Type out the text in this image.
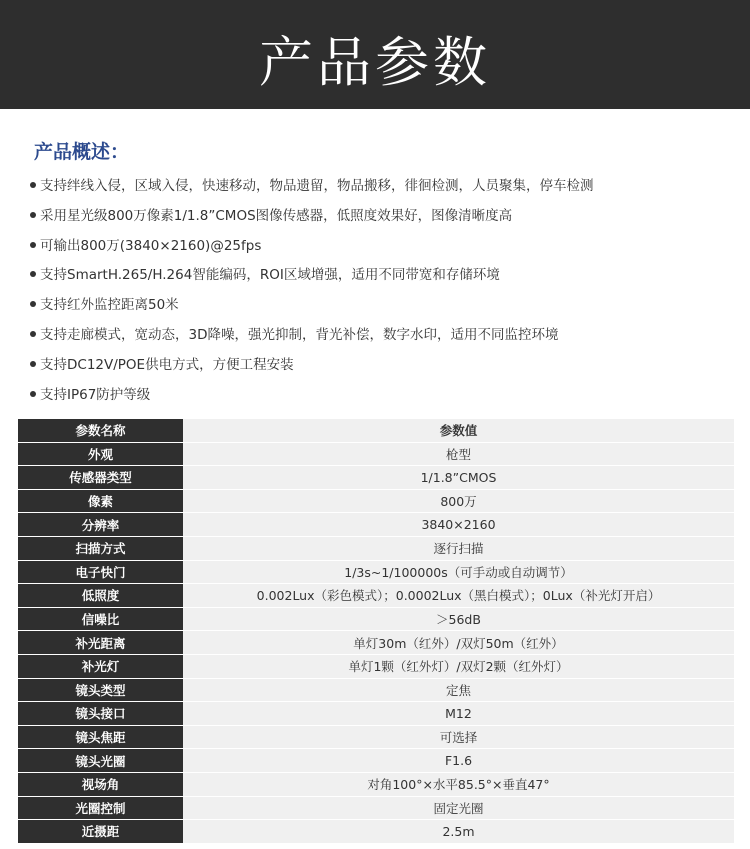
产品参数
产品概述：
支持绊线入侵，区域入侵，快速移动，物品遗留，物品搬移，徘徊检测，人员聚集，停车检测
采用星光级800万像素1/1.8”CMOS图像传感器，低照度效果好，图像清晰度高
可输出800万(3840×2160)@25fps
支持SmartH.265/H.264智能编码，ROI区域增强，适用不同带宽和存储环境
支持红外监控距离50米
支持走廊模式，宽动态，3D降噪，强光抑制，背光补偿，数字水印，适用不同监控环境
支持DC12V/POE供电方式，方便工程安装
支持IP67防护等级
参数名称	参数值
外观	枪型
传感器类型	1/1.8”CMOS
像素	800万
分辨率	3840×2160
扫描方式	逐行扫描
电子快门	1/3s~1/100000s（可手动或自动调节）
低照度	0.002Lux（彩色模式）；0.0002Lux（黑白模式）；0Lux（补光灯开启）
信噪比	＞56dB
补光距离	单灯30m（红外）/双灯50m（红外）
补光灯	单灯1颗（红外灯）/双灯2颗（红外灯）
镜头类型	定焦
镜头接口	M12
镜头焦距	可选择
镜头光圈	F1.6
视场角	对角100°×水平85.5°×垂直47°
光圈控制	固定光圈
近摄距	2.5m
